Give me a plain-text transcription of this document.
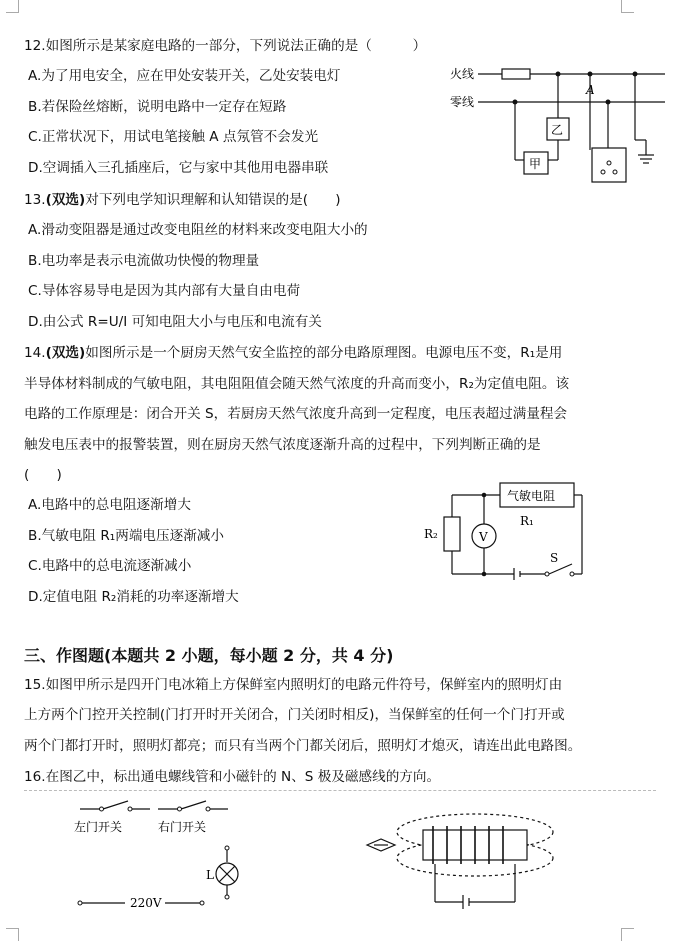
12.如图所示是某家庭电路的一部分，下列说法正确的是（　　　）
A.为了用电安全，应在甲处安装开关，乙处安装电灯
B.若保险丝熔断，说明电路中一定存在短路
C.正常状况下，用试电笔接触 A 点氖管不会发光
D.空调插入三孔插座后，它与家中其他用电器串联
火线
零线
A
乙
甲
13.(双选)对下列电学知识理解和认知错误的是(　　)
A.滑动变阻器是通过改变电阻丝的材料来改变电阻大小的
B.电功率是表示电流做功快慢的物理量
C.导体容易导电是因为其内部有大量自由电荷
D.由公式 R=U/I 可知电阻大小与电压和电流有关
14.(双选)如图所示是一个厨房天然气安全监控的部分电路原理图。电源电压不变，R₁是用
半导体材料制成的气敏电阻，其电阻阻值会随天然气浓度的升高而变小，R₂为定值电阻。该
电路的工作原理是：闭合开关 S，若厨房天然气浓度升高到一定程度，电压表超过满量程会
触发电压表中的报警装置，则在厨房天然气浓度逐渐升高的过程中，下列判断正确的是
(　　)
A.电路中的总电阻逐渐增大
B.气敏电阻 R₁两端电压逐渐减小
C.电路中的总电流逐渐减小
D.定值电阻 R₂消耗的功率逐渐增大
气敏电阻
R₁
R₂	V
S
三、作图题(本题共 2 小题，每小题 2 分，共 4 分)
15.如图甲所示是四开门电冰箱上方保鲜室内照明灯的电路元件符号，保鲜室内的照明灯由
上方两个门控开关控制(门打开时开关闭合，门关闭时相反)，当保鲜室的任何一个门打开或
两个门都打开时，照明灯都亮；而只有当两个门都关闭后，照明灯才熄灭，请连出此电路图。
16.在图乙中，标出通电螺线管和小磁针的 N、S 极及磁感线的方向。
左门开关	右门开关
L
220V
